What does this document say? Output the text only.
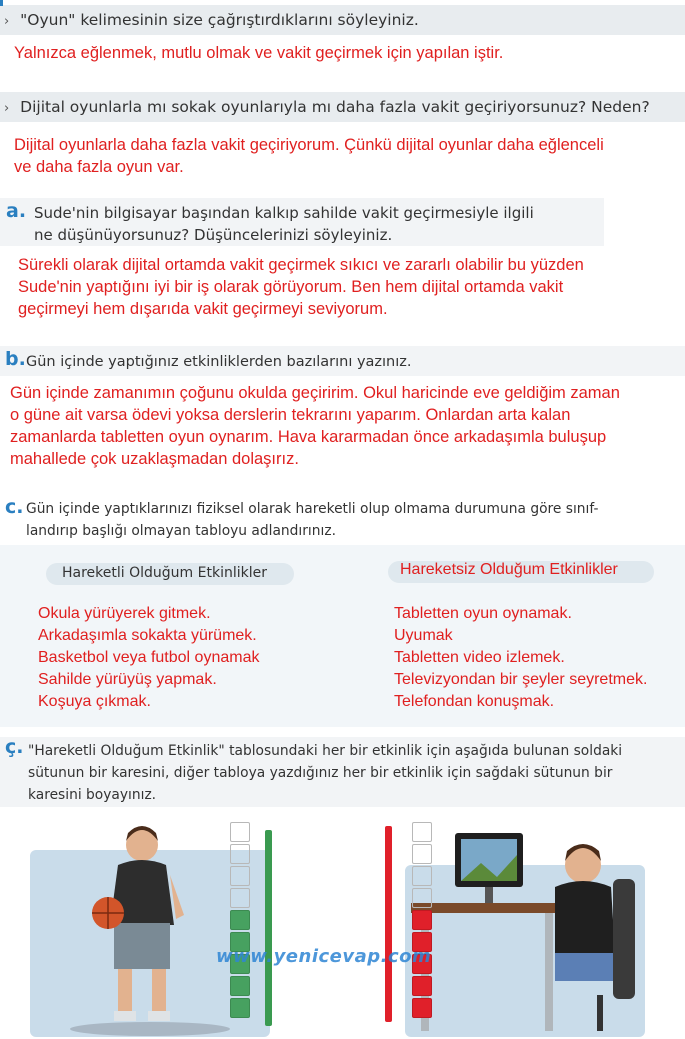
› "Oyun" kelimesinin size çağrıştırdıklarını söyleyiniz.
Yalnızca eğlenmek, mutlu olmak ve vakit geçirmek için yapılan iştir.
› Dijital oyunlarla mı sokak oyunlarıyla mı daha fazla vakit geçiriyorsunuz? Neden?
Dijital oyunlarla daha fazla vakit geçiriyorum. Çünkü dijital oyunlar daha eğlenceli
ve daha fazla oyun var.
a. Sude'nin bilgisayar başından kalkıp sahilde vakit geçirmesiyle ilgili
ne düşünüyorsunuz? Düşüncelerinizi söyleyiniz.
Sürekli olarak dijital ortamda vakit geçirmek sıkıcı ve zararlı olabilir bu yüzden
Sude'nin yaptığını iyi bir iş olarak görüyorum. Ben hem dijital ortamda vakit
geçirmeyi hem dışarıda vakit geçirmeyi seviyorum.
b. Gün içinde yaptığınız etkinliklerden bazılarını yazınız.
Gün içinde zamanımın çoğunu okulda geçiririm. Okul haricinde eve geldiğim zaman
o güne ait varsa ödevi yoksa derslerin tekrarını yaparım. Onlardan arta kalan
zamanlarda tabletten oyun oynarım. Hava kararmadan önce arkadaşımla buluşup
mahallede çok uzaklaşmadan dolaşırız.
c. Gün içinde yaptıklarınızı fiziksel olarak hareketli olup olmama durumuna göre sınıf-
landırıp başlığı olmayan tabloyu adlandırınız.
Hareketli Olduğum Etkinlikler	Hareketsiz Olduğum Etkinlikler
Okula yürüyerek gitmek.
Arkadaşımla sokakta yürümek.
Basketbol veya futbol oynamak
Sahilde yürüyüş yapmak.
Koşuya çıkmak.
Tabletten oyun oynamak.
Uyumak
Tabletten video izlemek.
Televizyondan bir şeyler seyretmek.
Telefondan konuşmak.
ç. "Hareketli Olduğum Etkinlik" tablosundaki her bir etkinlik için aşağıda bulunan soldaki
sütunun bir karesini, diğer tabloya yazdığınız her bir etkinlik için sağdaki sütunun bir
karesini boyayınız.
www.yenicevap.com
